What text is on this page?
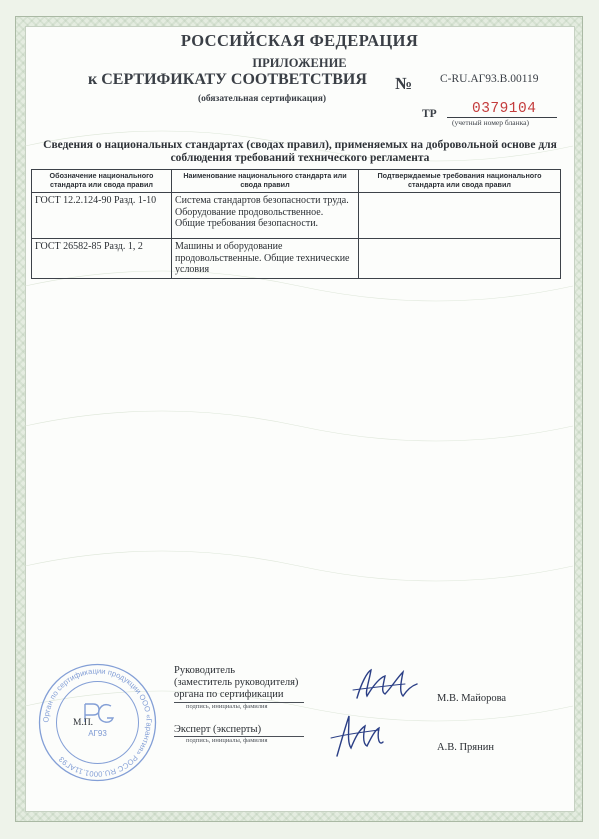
РОССИЙСКАЯ ФЕДЕРАЦИЯ
ПРИЛОЖЕНИЕ
к СЕРТИФИКАТУ СООТВЕТСТВИЯ № С-RU.АГ93.В.00119
(обязательная сертификация)
ТР 0379104
(учетный номер бланка)
Сведения о национальных стандартах (сводах правил), применяемых на добровольной основе для соблюдения требований технического регламента
Обозначение национального стандарта или свода правил	Наименование национального стандарта или свода правил	Подтверждаемые требования национального стандарта или свода правил
ГОСТ 12.2.124-90 Разд. 1-10	Система стандартов безопасности труда. Оборудование продовольственное. Общие требования безопасности.	
ГОСТ 26582-85 Разд. 1, 2	Машины и оборудование продовольственные. Общие технические условия	
Руководитель
(заместитель руководителя)
органа по сертификации
подпись, инициалы, фамилия
М.В. Майорова
Эксперт (эксперты)
подпись, инициалы, фамилия
А.В. Прянин
Орган по сертификации продукции ООО «Гарантия» РОСС RU.0001.11АГ93
АГ93
М.П.
